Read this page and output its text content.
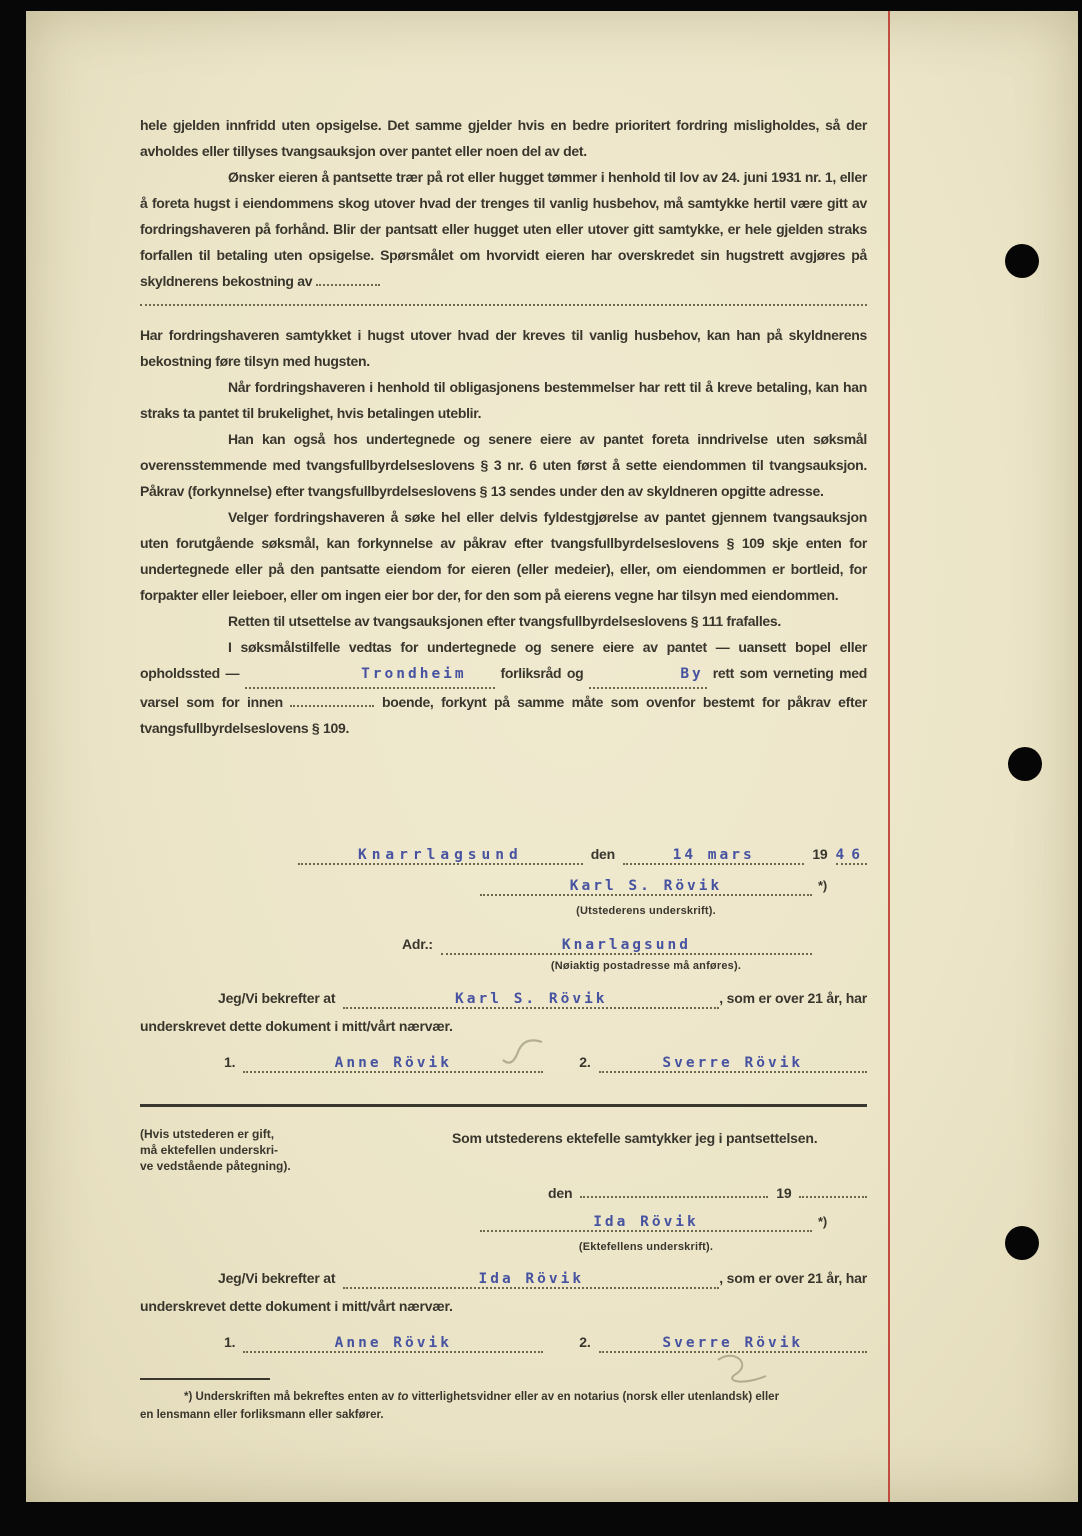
hele gjelden innfridd uten opsigelse. Det samme gjelder hvis en bedre prioritert fordring misligholdes, så der avholdes eller tillyses tvangsauksjon over pantet eller noen del av det.

Ønsker eieren å pantsette trær på rot eller hugget tømmer i henhold til lov av 24. juni 1931 nr. 1, eller å foreta hugst i eiendommens skog utover hvad der trenges til vanlig husbehov, må samtykke hertil være gitt av fordringshaveren på forhånd. Blir der pantsatt eller hugget uten eller utover gitt samtykke, er hele gjelden straks forfallen til betaling uten opsigelse. Spørsmålet om hvorvidt eieren har overskredet sin hugstrett avgjøres på skyldnerens bekostning av

Har fordringshaveren samtykket i hugst utover hvad der kreves til vanlig husbehov, kan han på skyldnerens bekostning føre tilsyn med hugsten.

Når fordringshaveren i henhold til obligasjonens bestemmelser har rett til å kreve betaling, kan han straks ta pantet til brukelighet, hvis betalingen uteblir.

Han kan også hos undertegnede og senere eiere av pantet foreta inndrivelse uten søksmål overensstemmende med tvangsfullbyrdelseslovens § 3 nr. 6 uten først å sette eiendommen til tvangsauksjon. Påkrav (forkynnelse) efter tvangsfullbyrdelseslovens § 13 sendes under den av skyldneren opgitte adresse.

Velger fordringshaveren å søke hel eller delvis fyldestgjørelse av pantet gjennem tvangsauksjon uten forutgående søksmål, kan forkynnelse av påkrav efter tvangsfullbyrdelseslovens § 109 skje enten for undertegnede eller på den pantsatte eiendom for eieren (eller medeier), eller, om eiendommen er bortleid, for forpakter eller leieboer, eller om ingen eier bor der, for den som på eierens vegne har tilsyn med eiendommen.

Retten til utsettelse av tvangsauksjonen efter tvangsfullbyrdelseslovens § 111 frafalles.

I søksmålstilfelle vedtas for undertegnede og senere eiere av pantet — uansett bopel eller opholdssted —	Trondheim forliksråd og	By rett som verneting med varsel som for innen	boende, forkynt på samme måte som ovenfor bestemt for påkrav efter tvangsfullbyrdelseslovens § 109.

Knarrlagsund	den	14 mars	19 46
Karl S. Rövik	*)
(Utstederens underskrift).
Adr.:	Knarlagsund
(Nøiaktig postadresse må anføres).
Jeg/Vi bekrefter at	Karl S. Rövik	, som er over 21 år, har
underskrevet dette dokument i mitt/vårt nærvær.
1.	Anne Rövik	2.	Sverre Rövik
(Hvis utstederen er gift,
må ektefellen underskri-
ve vedstående påtegning).
Som utstederens ektefelle samtykker jeg i pantsettelsen.
den	19
Ida Rövik	*)
(Ektefellens underskrift).
Jeg/Vi bekrefter at	Ida Rövik	, som er over 21 år, har
underskrevet dette dokument i mitt/vårt nærvær.
1.	Anne Rövik	2.	Sverre Rövik
*) Underskriften må bekreftes enten av to vitterlighetsvidner eller av en notarius (norsk eller utenlandsk) eller
en lensmann eller forliksmann eller sakfører.
